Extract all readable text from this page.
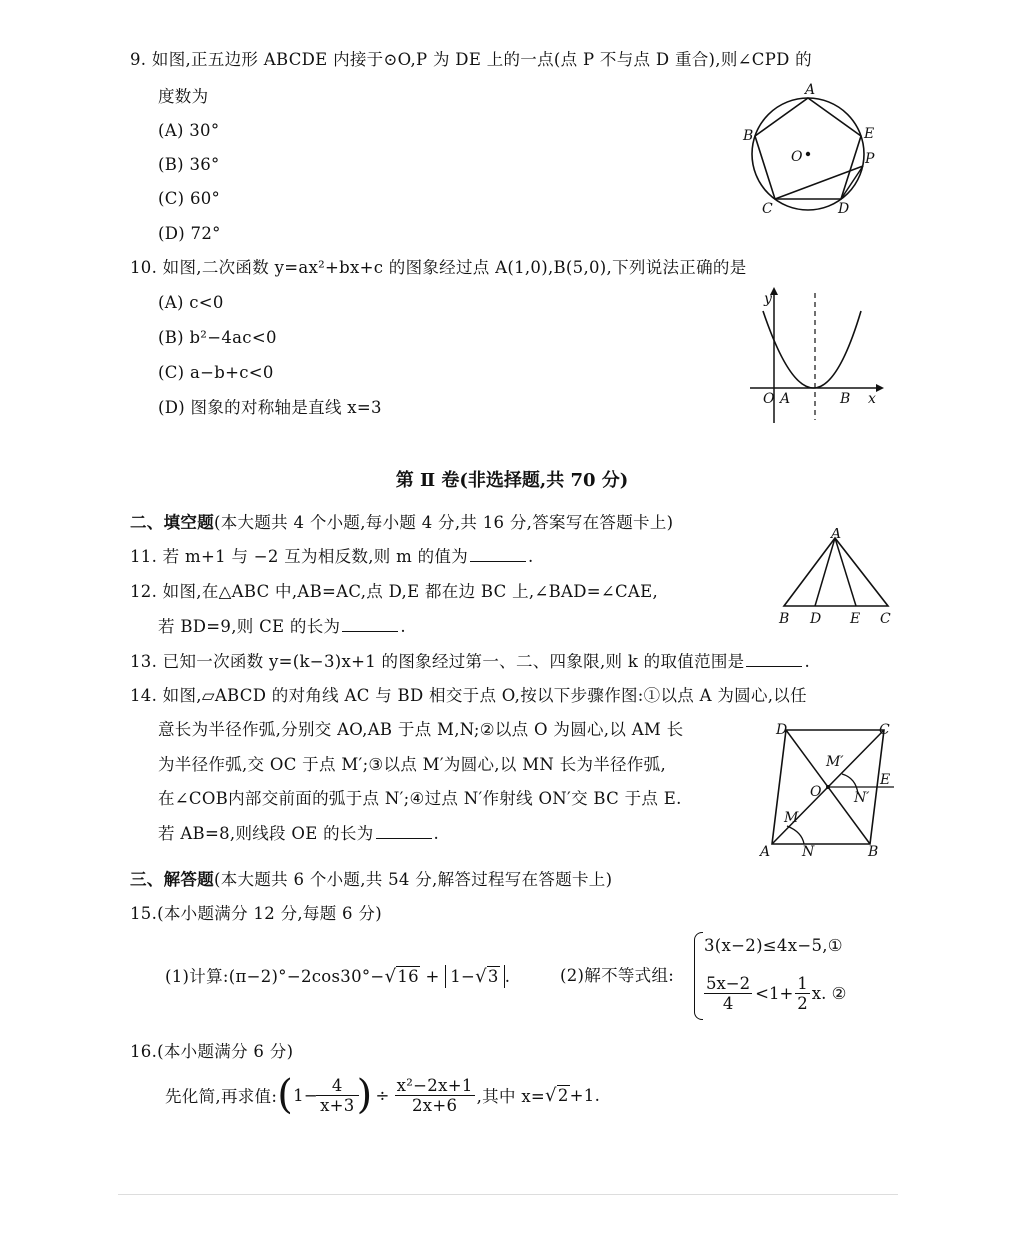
9. 如图,正五边形 ABCDE 内接于⊙O,P 为 DE 上的一点(点 P 不与点 D 重合),则∠CPD 的
度数为
(A) 30°
(B) 36°
(C) 60°
(D) 72°
A
B
C	D
E
O	P
10. 如图,二次函数 y=ax²+bx+c 的图象经过点 A(1,0),B(5,0),下列说法正确的是
(A) c<0
(B) b²−4ac<0
(C) a−b+c<0
(D) 图象的对称轴是直线 x=3
y
x
O A	B
第 Ⅱ 卷(非选择题,共 70 分)
二、填空题(本大题共 4 个小题,每小题 4 分,共 16 分,答案写在答题卡上)
11. 若 m+1 与 −2 互为相反数,则 m 的值为	.
12. 如图,在△ABC 中,AB=AC,点 D,E 都在边 BC 上,∠BAD=∠CAE,
若 BD=9,则 CE 的长为	.
A
B D E C
13. 已知一次函数 y=(k−3)x+1 的图象经过第一、二、四象限,则 k 的取值范围是	.
14. 如图,▱ABCD 的对角线 AC 与 BD 相交于点 O,按以下步骤作图:①以点 A 为圆心,以任
意长为半径作弧,分别交 AO,AB 于点 M,N;②以点 O 为圆心,以 AM 长
为半径作弧,交 OC 于点 M′;③以点 M′为圆心,以 MN 长为半径作弧,
在∠COB内部交前面的弧于点 N′;④过点 N′作射线 ON′交 BC 于点 E.
若 AB=8,则线段 OE 的长为	.
D	C
A	B
O
M
N
M′
N′
E
三、解答题(本大题共 6 个小题,共 54 分,解答过程写在答题卡上)
15.(本小题满分 12 分,每题 6 分)
(1)计算:(π−2)°−2cos30°−√16 + 1−√3 .	(2)解不等式组:
3(x−2)≤4x−5,①
$\frac{5x-2}{4} <1+ \frac{1}{2} x$. ②
16.(本小题满分 6 分)
先化简,再求值: ( $1- \frac{4}{x+3}$ ) ÷ $\frac{\text{x²−2x+1}}{2x+6}$ ,其中 x= √2 +1.
